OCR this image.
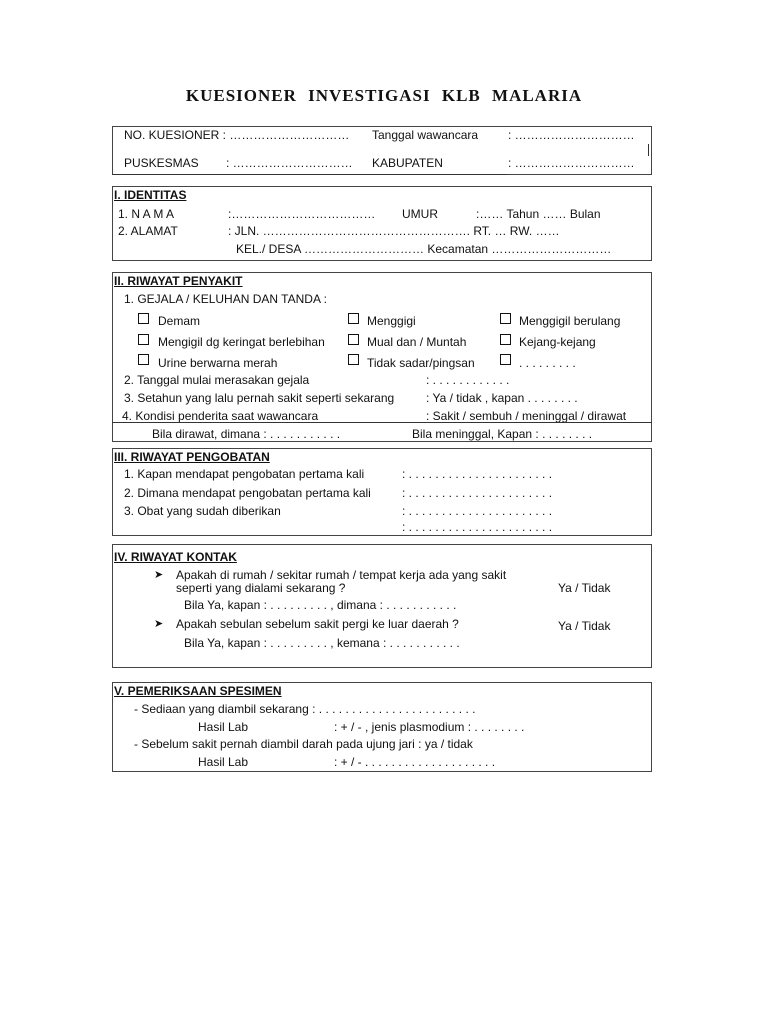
KUESIONER INVESTIGASI KLB MALARIA
NO. KUESIONER : ………………………… Tanggal wawancara : …………………………
PUSKESMAS : ………………………… KABUPATEN	: …………………………
I. IDENTITAS
1. N A M A	:……………………………… UMUR	:…… Tahun …… Bulan
2. ALAMAT	: JLN. ……………………………………………. RT. … RW. ……
KEL./ DESA ………………………… Kecamatan …………………………
II. RIWAYAT PENYAKIT
1. GEJALA / KELUHAN DAN TANDA :
Demam	Menggigi	Menggigil berulang
Mengigil dg keringat berlebihan	Mual dan / Muntah	Kejang-kejang
Urine berwarna merah	Tidak sadar/pingsan	. . . . . . . . .
2. Tanggal mulai merasakan gejala	: . . . . . . . . . . . .
3. Setahun yang lalu pernah sakit seperti sekarang	: Ya / tidak , kapan . . . . . . . .
4. Kondisi penderita saat wawancara	: Sakit / sembuh / meninggal / dirawat
Bila dirawat, dimana : . . . . . . . . . . .	Bila meninggal, Kapan : . . . . . . . .
III. RIWAYAT PENGOBATAN
1. Kapan mendapat pengobatan pertama kali	: . . . . . . . . . . . . . . . . . . . . . .
2. Dimana mendapat pengobatan pertama kali	: . . . . . . . . . . . . . . . . . . . . . .
3. Obat yang sudah diberikan	: . . . . . . . . . . . . . . . . . . . . . .
: . . . . . . . . . . . . . . . . . . . . . .
IV. RIWAYAT KONTAK
➤ Apakah di rumah / sekitar rumah / tempat kerja ada yang sakit
seperti yang dialami sekarang ?	Ya / Tidak
Bila Ya, kapan : . . . . . . . . . , dimana : . . . . . . . . . . .
➤ Apakah sebulan sebelum sakit pergi ke luar daerah ?	Ya / Tidak
Bila Ya, kapan : . . . . . . . . . , kemana : . . . . . . . . . . .
V. PEMERIKSAAN SPESIMEN
- Sediaan yang diambil sekarang : . . . . . . . . . . . . . . . . . . . . . . . .
Hasil Lab	: + / - , jenis plasmodium : . . . . . . . .
- Sebelum sakit pernah diambil darah pada ujung jari : ya / tidak
Hasil Lab	: + / - . . . . . . . . . . . . . . . . . . . .
